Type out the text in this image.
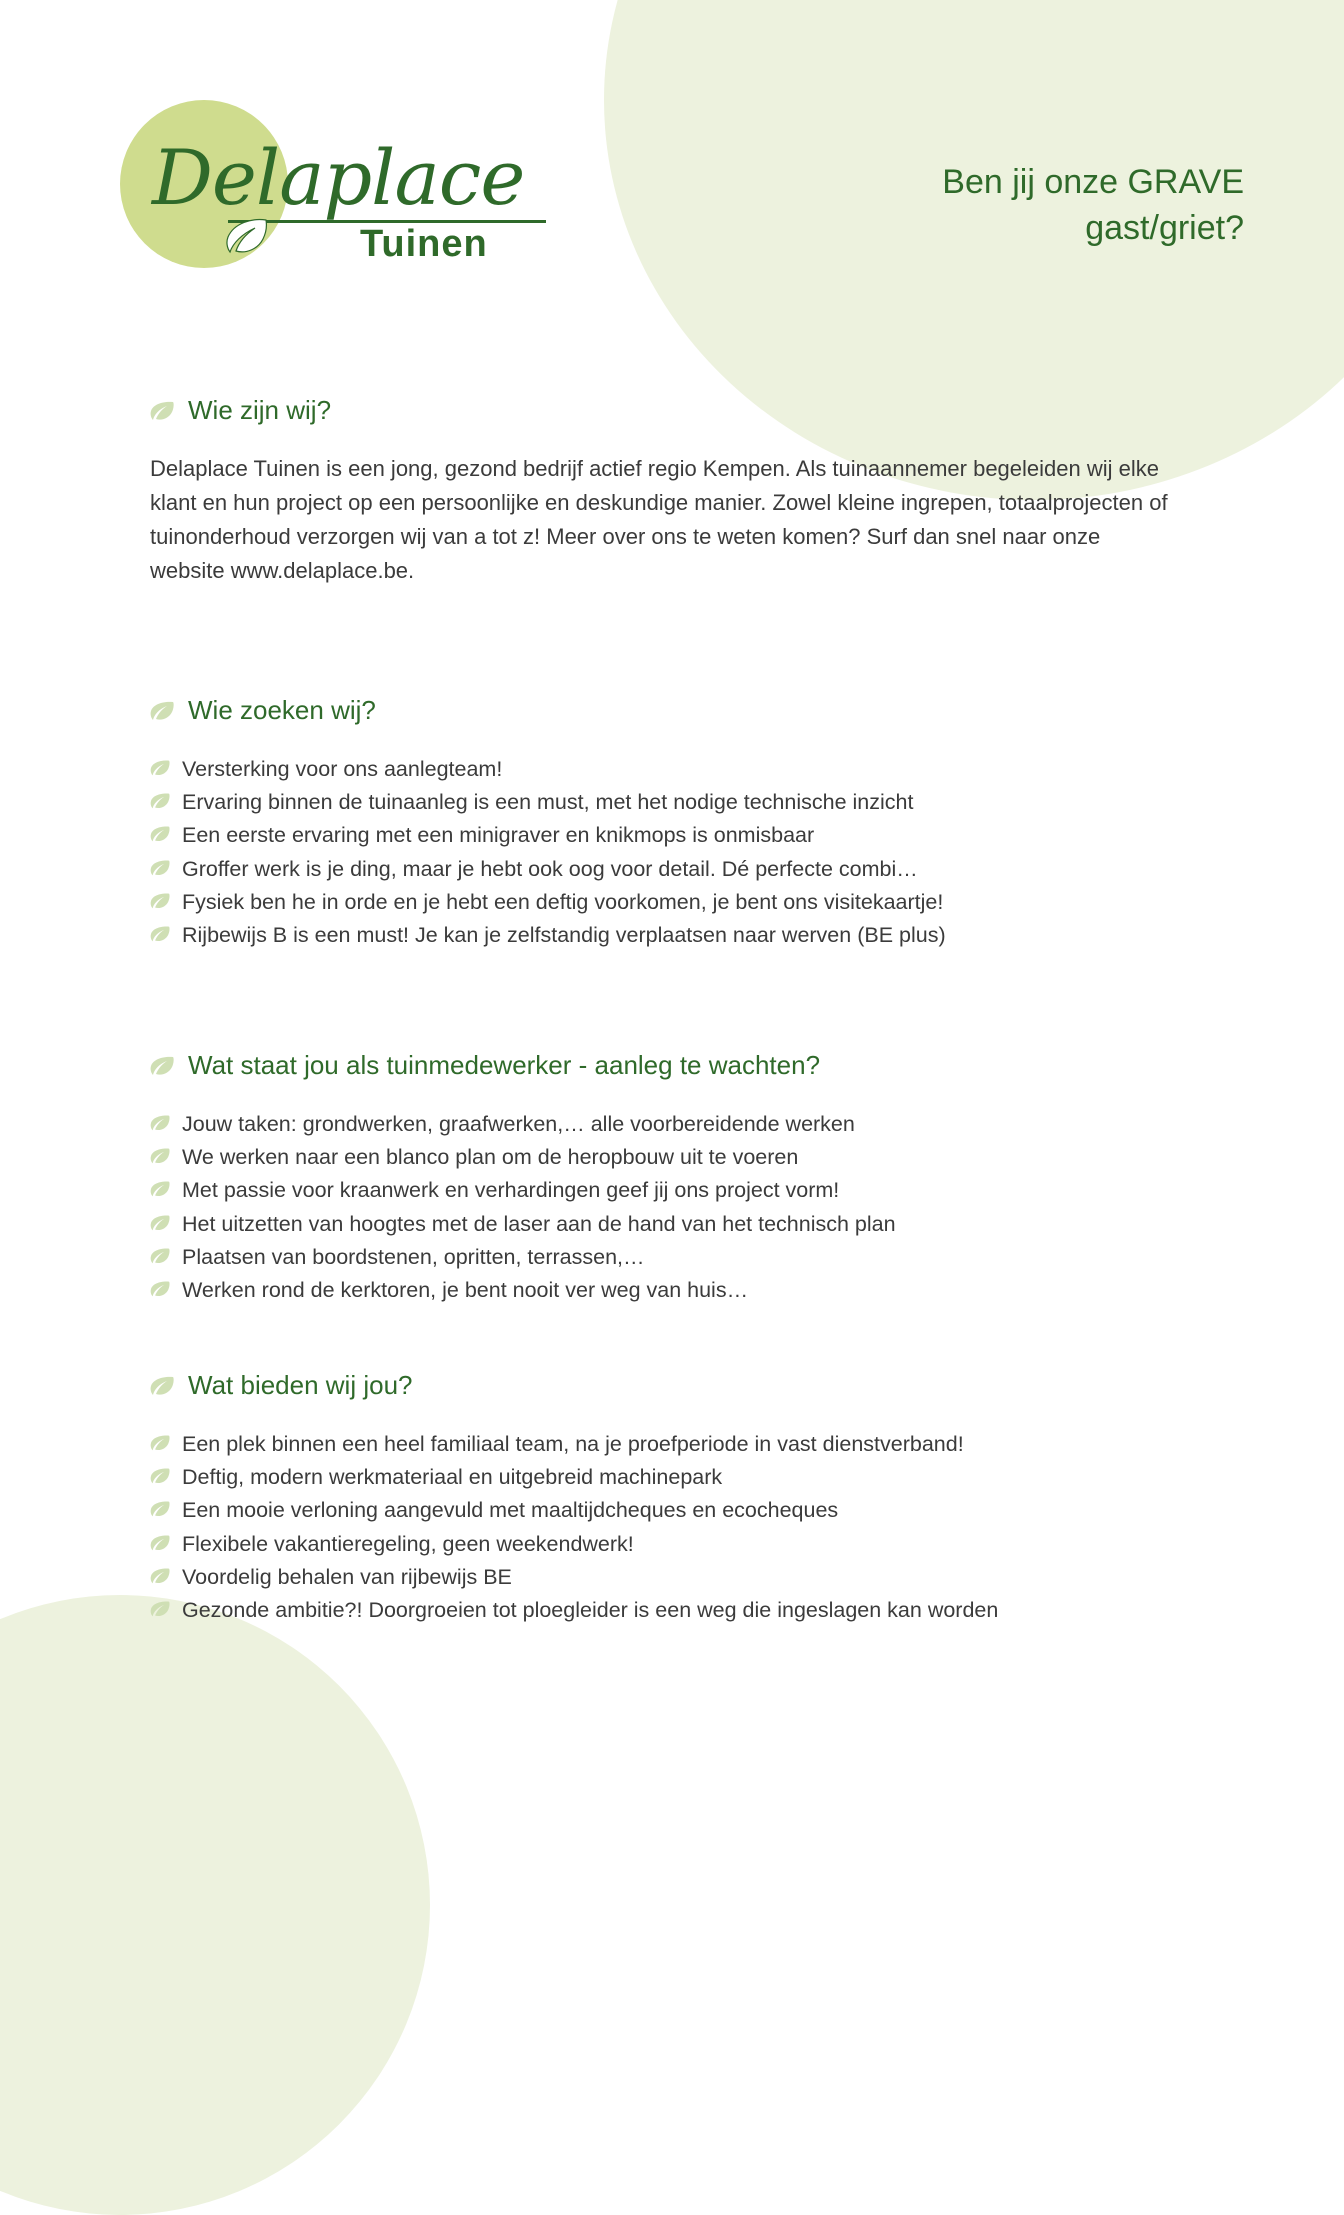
Delaplace
Tuinen
Ben jij onze GRAVE
gast/griet?
Wie zijn wij?
Delaplace Tuinen is een jong, gezond bedrijf actief regio Kempen. Als tuinaannemer begeleiden wij elke klant en hun project op een persoonlijke en deskundige manier. Zowel kleine ingrepen, totaalprojecten of tuinonderhoud verzorgen wij van a tot z! Meer over ons te weten komen? Surf dan snel naar onze website www.delaplace.be.
Wie zoeken wij?
Versterking voor ons aanlegteam!
Ervaring binnen de tuinaanleg is een must, met het nodige technische inzicht
Een eerste ervaring met een minigraver en knikmops is onmisbaar
Groffer werk is je ding, maar je hebt ook oog voor detail. Dé perfecte combi…
Fysiek ben he in orde en je hebt een deftig voorkomen, je bent ons visitekaartje!
Rijbewijs B is een must! Je kan je zelfstandig verplaatsen naar werven (BE plus)
Wat staat jou als tuinmedewerker - aanleg te wachten?
Jouw taken: grondwerken, graafwerken,… alle voorbereidende werken
We werken naar een blanco plan om de heropbouw uit te voeren
Met passie voor kraanwerk en verhardingen geef jij ons project vorm!
Het uitzetten van hoogtes met de laser aan de hand van het technisch plan
Plaatsen van boordstenen, opritten, terrassen,…
Werken rond de kerktoren, je bent nooit ver weg van huis…
Wat bieden wij jou?
Een plek binnen een heel familiaal team, na je proefperiode in vast dienstverband!
Deftig, modern werkmateriaal en uitgebreid machinepark
Een mooie verloning aangevuld met maaltijdcheques en ecocheques
Flexibele vakantieregeling, geen weekendwerk!
Voordelig behalen van rijbewijs BE
Gezonde ambitie?! Doorgroeien tot ploegleider is een weg die ingeslagen kan worden
